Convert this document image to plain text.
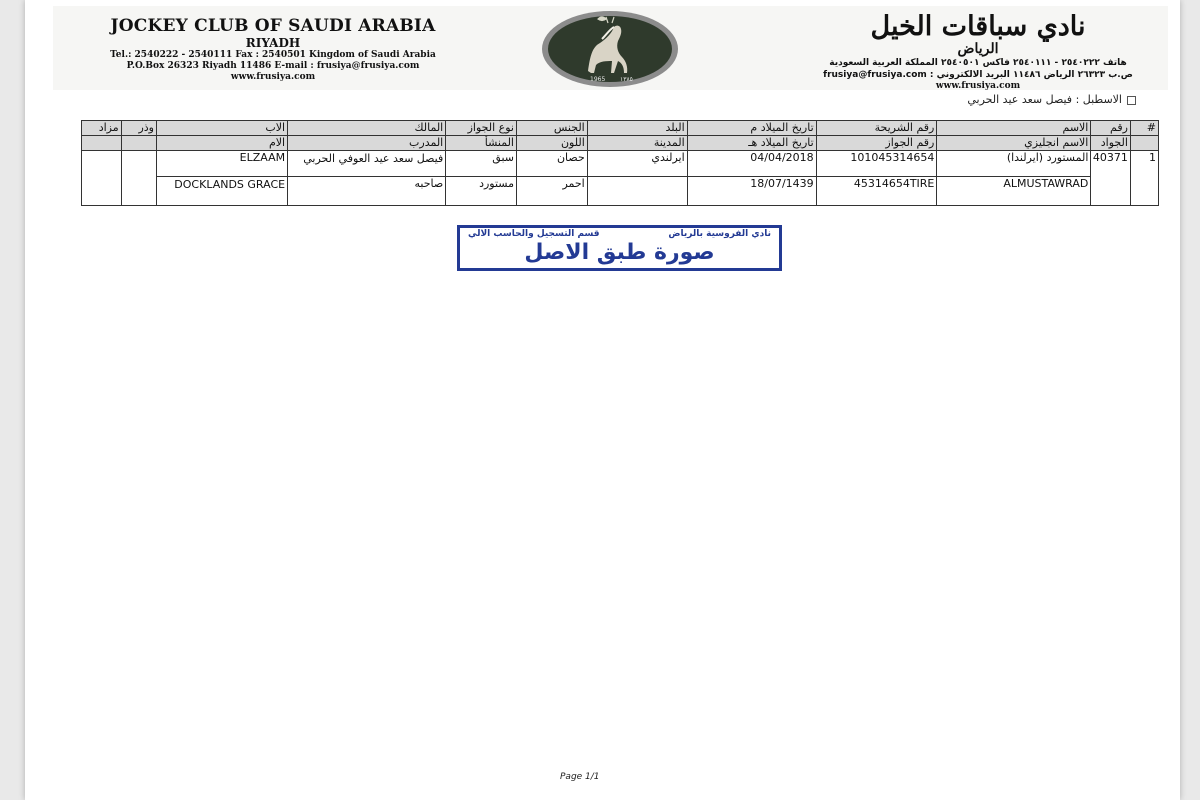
JOCKEY CLUB OF SAUDI ARABIA
RIYADH
Tel.: 2540222 - 2540111 Fax : 2540501 Kingdom of Saudi Arabia
P.O.Box 26323 Riyadh 11486 E-mail : frusiya@frusiya.com
www.frusiya.com	1965 ١٣٨٥
نادي سباقات الخيل
الرياض
هاتف ٢٥٤٠٢٢٢ - ٢٥٤٠١١١ فاكس ٢٥٤٠٥٠١ المملكة العربية السعودية
ص.ب ٢٦٣٢٣ الرياض ١١٤٨٦ البريد الالكتروني : frusiya@frusiya.com
www.frusiya.com
الاسطبل : فيصل سعد عيد الحربي
#	رقم	الاسم	رقم الشريحة	تاريخ الميلاد م	البلد	الجنس	نوع الجواز	المالك	الاب	وذر	مزاد
	الجواد	الاسم انجليزي	رقم الجواز	تاريخ الميلاد هـ	المدينة	اللون	المنشأ	المدرب	الام		
1	40371	المستورد (ايرلندا)	101045314654	04/04/2018	ايرلندي	حصان	سبق	فيصل سعد عيد العوفي الحربي	ELZAAM		
		ALMUSTAWRAD	45314654TIRE	18/07/1439		احمر	مستورد	صاحبه	DOCKLANDS GRACE		
نادي الفروسية بالرياض
قسم التسجيل والحاسب الالي
صورة طبق الاصل
Page 1/1
